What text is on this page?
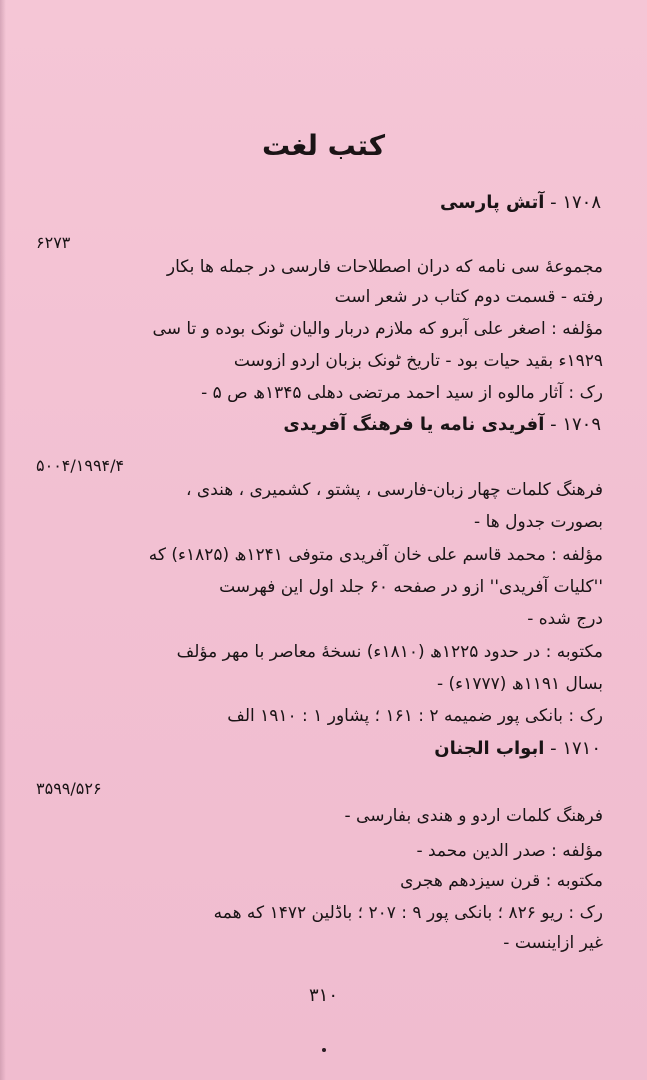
کتب لغت
۱۷۰۸ - آتش پارسی
۶۲۷۳
مجموعهٔ سی نامه که دران اصطلاحات فارسی در جمله ها بکار
رفته - قسمت دوم کتاب در شعر است
مؤلفه : اصغر علی آبرو که ملازم دربار والیان ٹونک بوده و تا سی
۱۹۲۹ء بقید حیات بود - تاریخ ٹونک بزبان اردو ازوست
رک : آثار مالوه از سید احمد مرتضی دهلی ۱۳۴۵ھ ص ۵ -
۱۷۰۹ - آفریدی نامه یا فرهنگ آفریدی
۵۰۰۴/۱۹۹۴/۴
فرهنگ کلمات چهار زبان-فارسی ، پشتو ، کشمیری ، هندی ،
بصورت جدول ها -
مؤلفه : محمد قاسم علی خان آفریدی متوفی ۱۲۴۱ھ (۱۸۲۵ء) که
''کلیات آفریدی'' ازو در صفحه ۶۰ جلد اول این فهرست
درج شده -
مکتوبه : در حدود ۱۲۲۵ھ (۱۸۱۰ء) نسخهٔ معاصر با مهر مؤلف
بسال ۱۱۹۱ھ (۱۷۷۷ء) -
رک : بانکی پور ضمیمه ۲ : ۱۶۱ ؛ پشاور ۱ : ۱۹۱۰ الف
۱۷۱۰ - ابواب الجنان
۳۵۹۹/۵۲۶
فرهنگ کلمات اردو و هندی بفارسی -
مؤلفه : صدر الدین محمد -
مکتوبه : قرن سیزدهم هجری
رک : ریو ۸۲۶ ؛ بانکی پور ۹ : ۲۰۷ ؛ باڈلین ۱۴۷۲ که همه
غیر ازاینست -
۳۱۰
